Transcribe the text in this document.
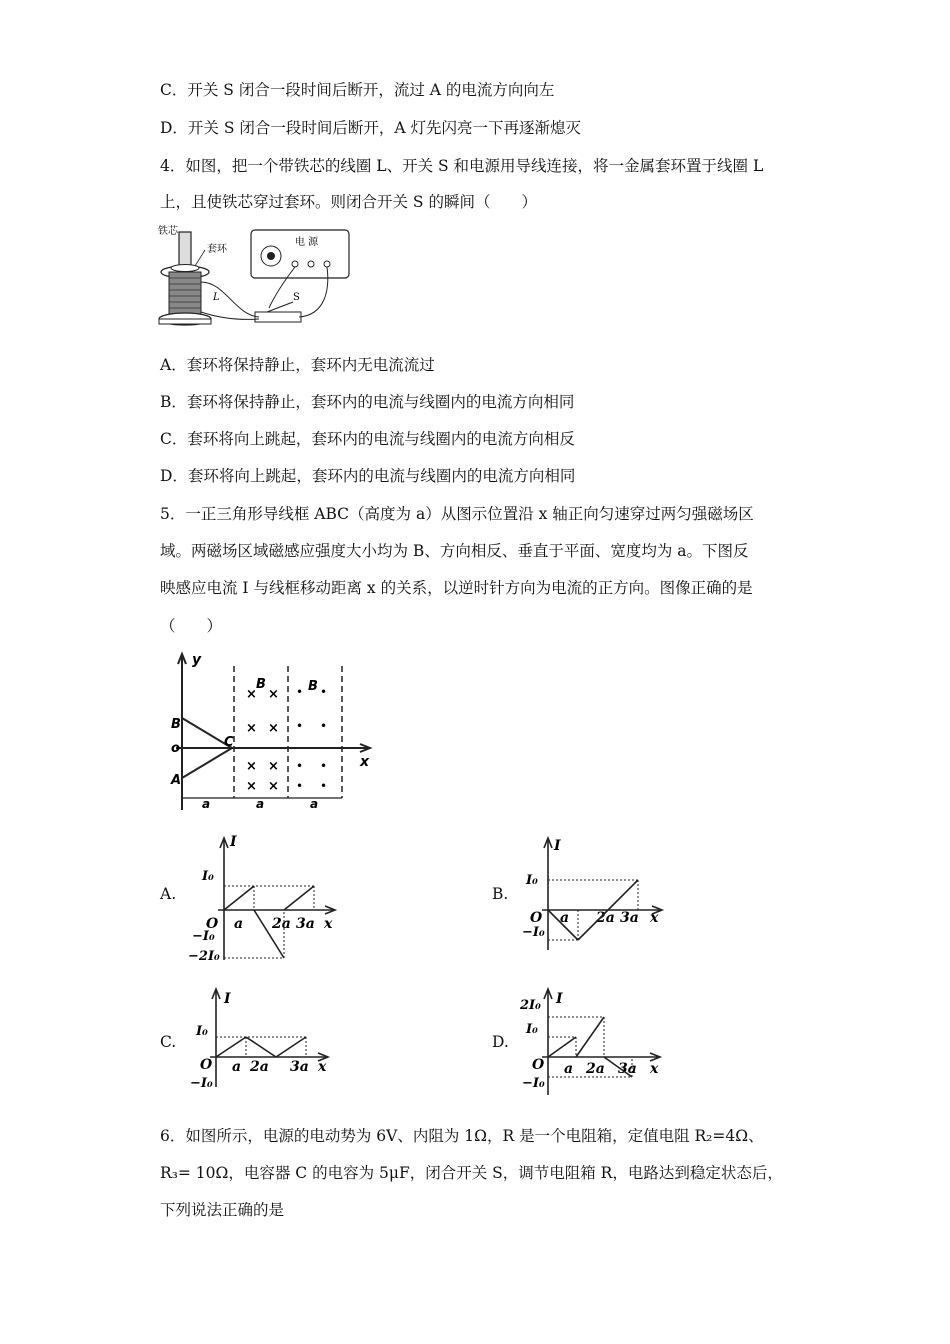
C．开关 S 闭合一段时间后断开，流过 A 的电流方向向左
D．开关 S 闭合一段时间后断开，A 灯先闪亮一下再逐渐熄灭
4．如图，把一个带铁芯的线圈 L、开关 S 和电源用导线连接，将一金属套环置于线圈 L
上，且使铁芯穿过套环。则闭合开关 S 的瞬间（　　）
铁芯
套环
L	S
电 源
A．套环将保持静止，套环内无电流流过
B．套环将保持静止，套环内的电流与线圈内的电流方向相同
C．套环将向上跳起，套环内的电流与线圈内的电流方向相反
D．套环将向上跳起，套环内的电流与线圈内的电流方向相同
5．一正三角形导线框 ABC（高度为 a）从图示位置沿 x 轴正向匀速穿过两匀强磁场区
域。两磁场区域磁感应强度大小均为 B、方向相反、垂直于平面、宽度均为 a。下图反
映感应电流 I 与线框移动距离 x 的关系，以逆时针方向为电流的正方向。图像正确的是
（　　）
y
x
B
o
A
C
×
B
×
× ×
× ×
× ×
• B •
• •
• •
• •
a	a	a
A.	B.
C.	D.
I
x
O a 2a 3a
I₀
−I₀
−2I₀
I
x
O a 2a 3a
I₀
−I₀
I
x
O a 2a 3a
I₀
−I₀
I
x
O a 2a 3a
2I₀
I₀
−I₀
6．如图所示，电源的电动势为 6V、内阻为 1Ω，R 是一个电阻箱，定值电阻 R₂=4Ω、
R₃= 10Ω，电容器 C 的电容为 5μF，闭合开关 S，调节电阻箱 R，电路达到稳定状态后，
下列说法正确的是
